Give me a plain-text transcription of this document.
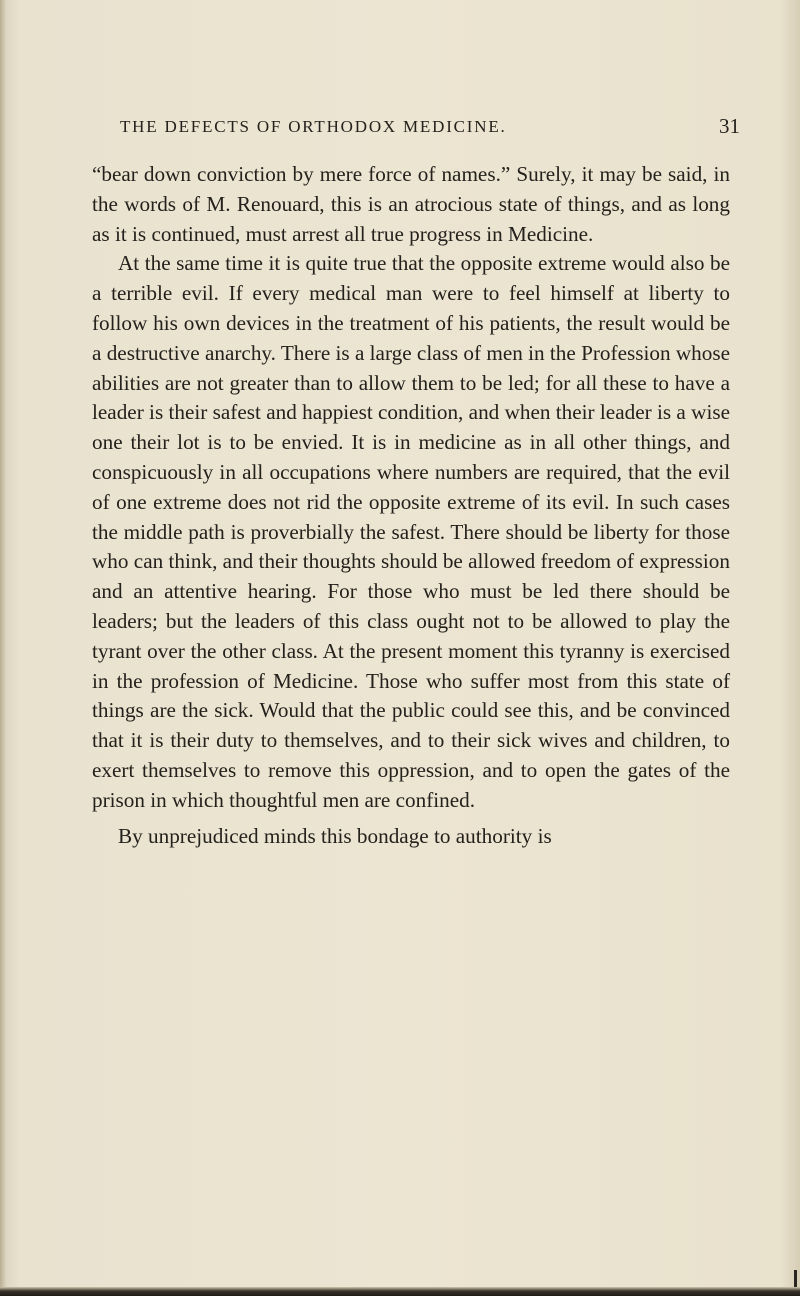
THE DEFECTS OF ORTHODOX MEDICINE.	31

“bear down conviction by mere force of names.” Surely, it may be said, in the words of M. Renouard, this is an atrocious state of things, and as long as it is continued, must arrest all true progress in Medicine.

At the same time it is quite true that the opposite extreme would also be a terrible evil. If every medical man were to feel himself at liberty to follow his own devices in the treatment of his patients, the result would be a destructive anarchy. There is a large class of men in the Profession whose abilities are not greater than to allow them to be led; for all these to have a leader is their safest and happiest condition, and when their leader is a wise one their lot is to be envied. It is in medicine as in all other things, and conspicuously in all occupations where numbers are required, that the evil of one extreme does not rid the opposite extreme of its evil. In such cases the middle path is proverbially the safest. There should be liberty for those who can think, and their thoughts should be allowed freedom of expression and an attentive hearing. For those who must be led there should be leaders; but the leaders of this class ought not to be allowed to play the tyrant over the other class. At the present moment this tyranny is exercised in the profession of Medicine. Those who suffer most from this state of things are the sick. Would that the public could see this, and be convinced that it is their duty to themselves, and to their sick wives and children, to exert themselves to remove this oppression, and to open the gates of the prison in which thoughtful men are confined.

By unprejudiced minds this bondage to authority is
